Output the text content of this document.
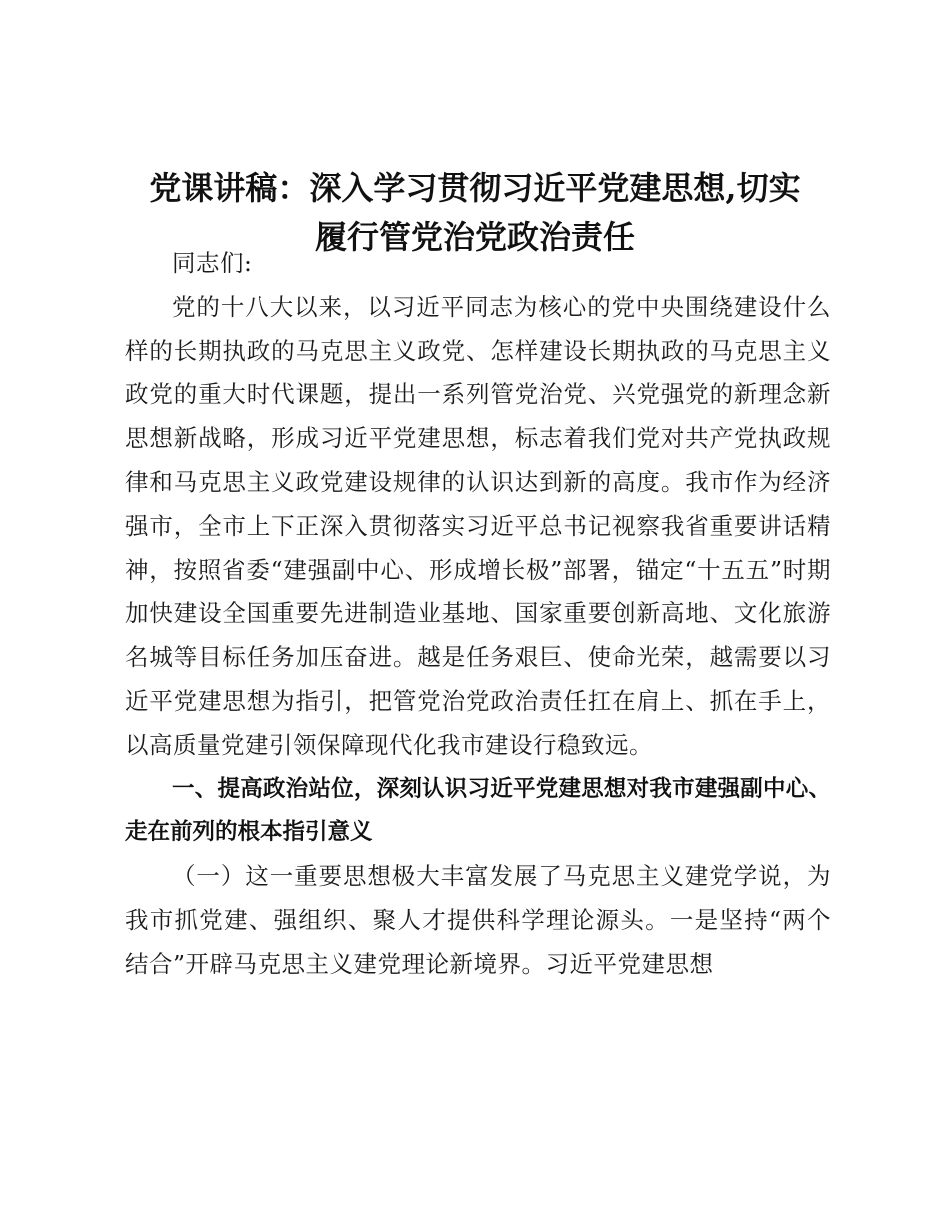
党课讲稿：深入学习贯彻习近平党建思想,切实
履行管党治党政治责任

同志们:

党的十八大以来，以习近平同志为核心的党中央围绕建设什么样的长期执政的马克思主义政党、怎样建设长期执政的马克思主义政党的重大时代课题，提出一系列管党治党、兴党强党的新理念新思想新战略，形成习近平党建思想，标志着我们党对共产党执政规律和马克思主义政党建设规律的认识达到新的高度。我市作为经济强市，全市上下正深入贯彻落实习近平总书记视察我省重要讲话精神，按照省委“建强副中心、形成增长极”部署，锚定“十五五”时期加快建设全国重要先进制造业基地、国家重要创新高地、文化旅游名城等目标任务加压奋进。越是任务艰巨、使命光荣，越需要以习近平党建思想为指引，把管党治党政治责任扛在肩上、抓在手上，以高质量党建引领保障现代化我市建设行稳致远。

一、提高政治站位，深刻认识习近平党建思想对我市建强副中心、走在前列的根本指引意义

（一）这一重要思想极大丰富发展了马克思主义建党学说，为我市抓党建、强组织、聚人才提供科学理论源头。一是坚持“两个结合”开辟马克思主义建党理论新境界。习近平党建思想
